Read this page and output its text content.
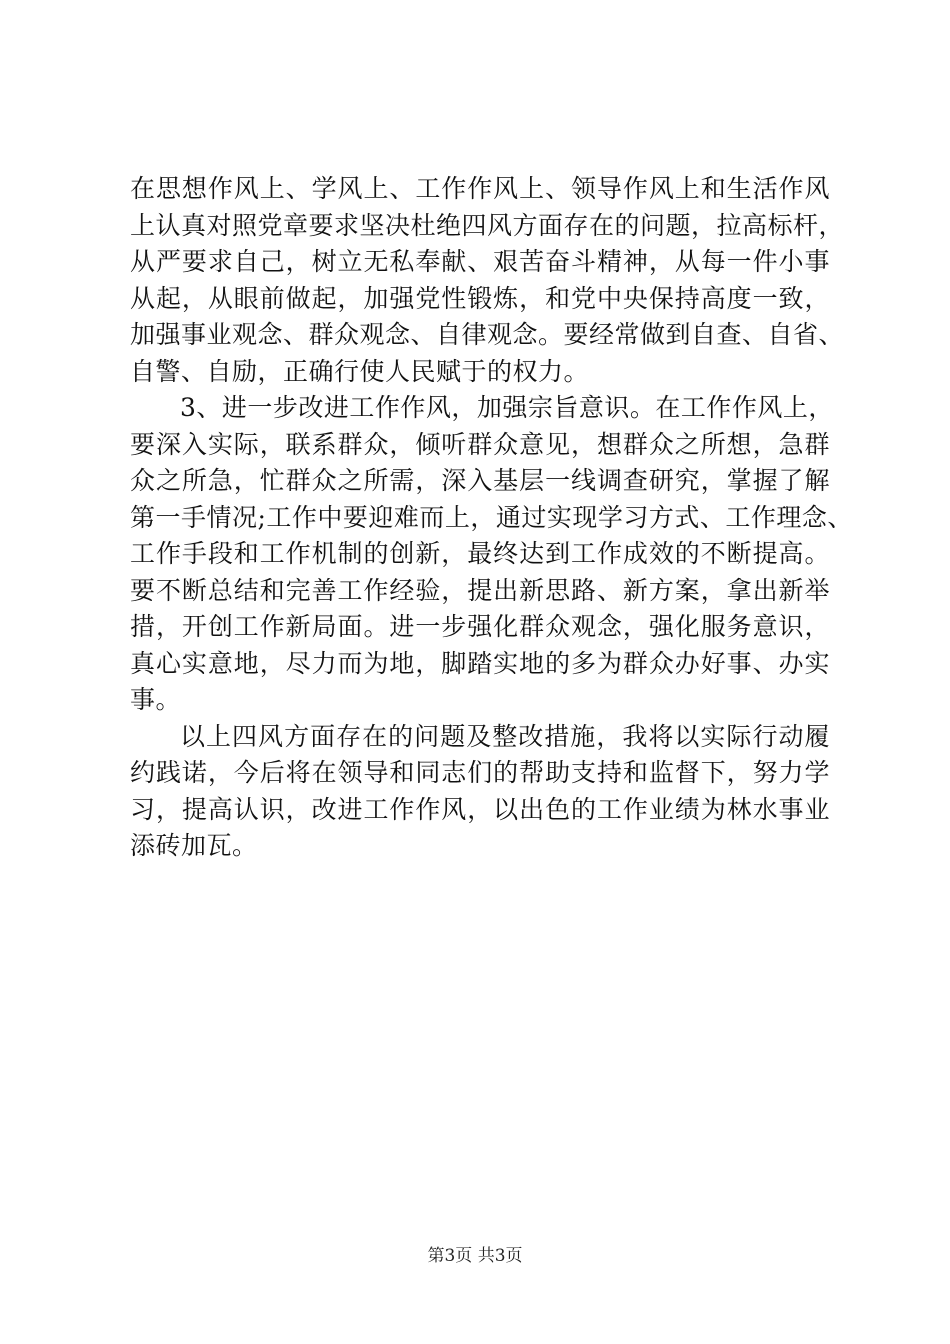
在思想作风上、学风上、工作作风上、领导作风上和生活作风
上认真对照党章要求坚决杜绝四风方面存在的问题，拉高标杆，
从严要求自己，树立无私奉献、艰苦奋斗精神，从每一件小事
从起，从眼前做起，加强党性锻炼，和党中央保持高度一致，
加强事业观念、群众观念、自律观念。要经常做到自查、自省、
自警、自励，正确行使人民赋于的权力。
3、进一步改进工作作风，加强宗旨意识。在工作作风上，
要深入实际，联系群众，倾听群众意见，想群众之所想，急群
众之所急，忙群众之所需，深入基层一线调查研究，掌握了解
第一手情况;工作中要迎难而上，通过实现学习方式、工作理念、
工作手段和工作机制的创新，最终达到工作成效的不断提高。
要不断总结和完善工作经验，提出新思路、新方案，拿出新举
措，开创工作新局面。进一步强化群众观念，强化服务意识，
真心实意地，尽力而为地，脚踏实地的多为群众办好事、办实
事。
以上四风方面存在的问题及整改措施，我将以实际行动履
约践诺，今后将在领导和同志们的帮助支持和监督下，努力学
习，提高认识，改进工作作风，以出色的工作业绩为林水事业
添砖加瓦。
第3页 共3页
